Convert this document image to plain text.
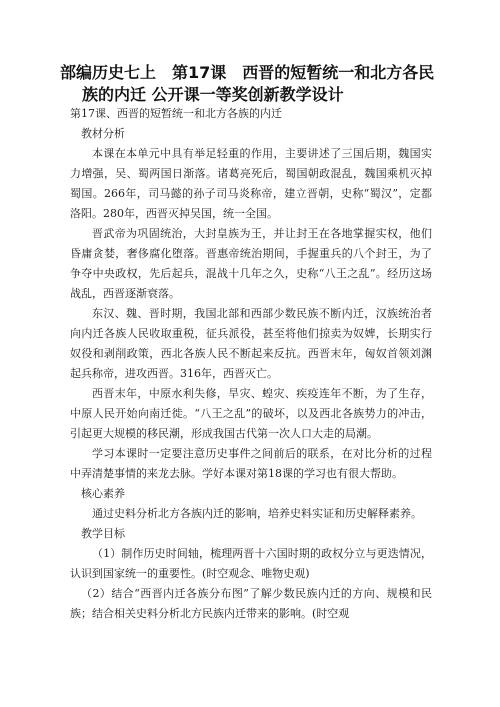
部编历史七上　第17课　西晋的短暂统一和北方各民
族的内迁 公开课一等奖创新教学设计

第17课、西晋的短暂统一和北方各族的内迁

教材分析

本课在本单元中具有举足轻重的作用，主要讲述了三国后期，魏国实力增强，吴、蜀两国日渐落。诸葛亮死后，蜀国朝政混乱，魏国乘机灭掉蜀国。266年，司马懿的孙子司马炎称帝，建立晋朝，史称“蜀汉”，定都洛阳。280年，西晋灭掉吴国，统一全国。

晋武帝为巩固统治，大封皇族为王，并让封王在各地掌握实权，他们昏庸贪婪，奢侈腐化堕落。晋惠帝统治期间，手握重兵的八个封王，为了争夺中央政权，先后起兵，混战十几年之久，史称“八王之乱”。经历这场战乱，西晋逐渐衰落。

东汉、魏、晋时期，我国北部和西部少数民族不断内迁，汉族统治者向内迁各族人民收取重税，征兵派役，甚至将他们掠卖为奴婢，长期实行奴役和剥削政策，西北各族人民不断起来反抗。西晋末年，匈奴首领刘渊起兵称帝，进攻西晋。316年，西晋灭亡。

西晋末年，中原水利失修，旱灾、蝗灾、疾疫连年不断，为了生存，中原人民开始向南迁徙。“八王之乱”的破坏，以及西北各族势力的冲击，引起更大规模的移民潮，形成我国古代第一次人口大走的局潮。

学习本课时一定要注意历史事件之间前后的联系，在对比分析的过程中弄清楚事情的来龙去脉。学好本课对第18课的学习也有很大帮助。

核心素养

通过史料分析北方各族内迁的影响，培养史料实证和历史解释素养。

教学目标

（1）制作历史时间轴，梳理两晋十六国时期的政权分立与更迭情况，认识到国家统一的重要性。(时空观念、唯物史观)

（2）结合“西晋内迁各族分布图”了解少数民族内迁的方向、规模和民族；结合相关史料分析北方民族内迁带来的影响。(时空观
